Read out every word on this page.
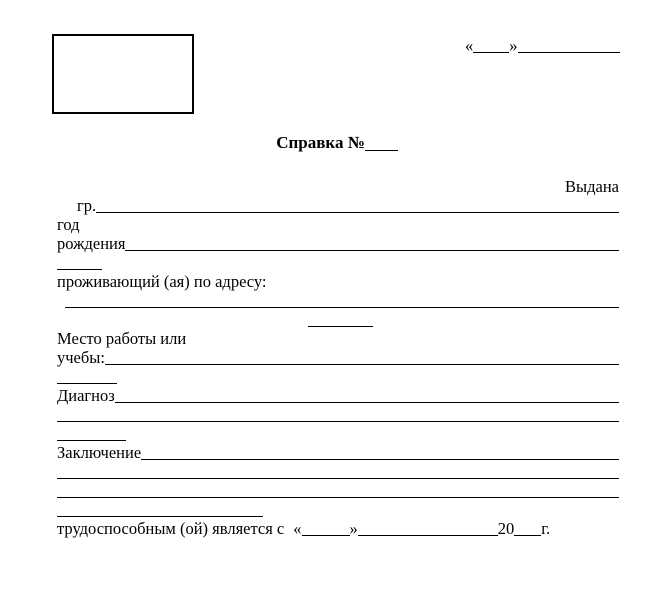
« »
Справка №
Выдана
гр.
год
рождения
проживающий (ая) по адресу:
Место работы или
учебы:
Диагноз
Заключение
трудоспособным (ой) является с «	»	20 г.
